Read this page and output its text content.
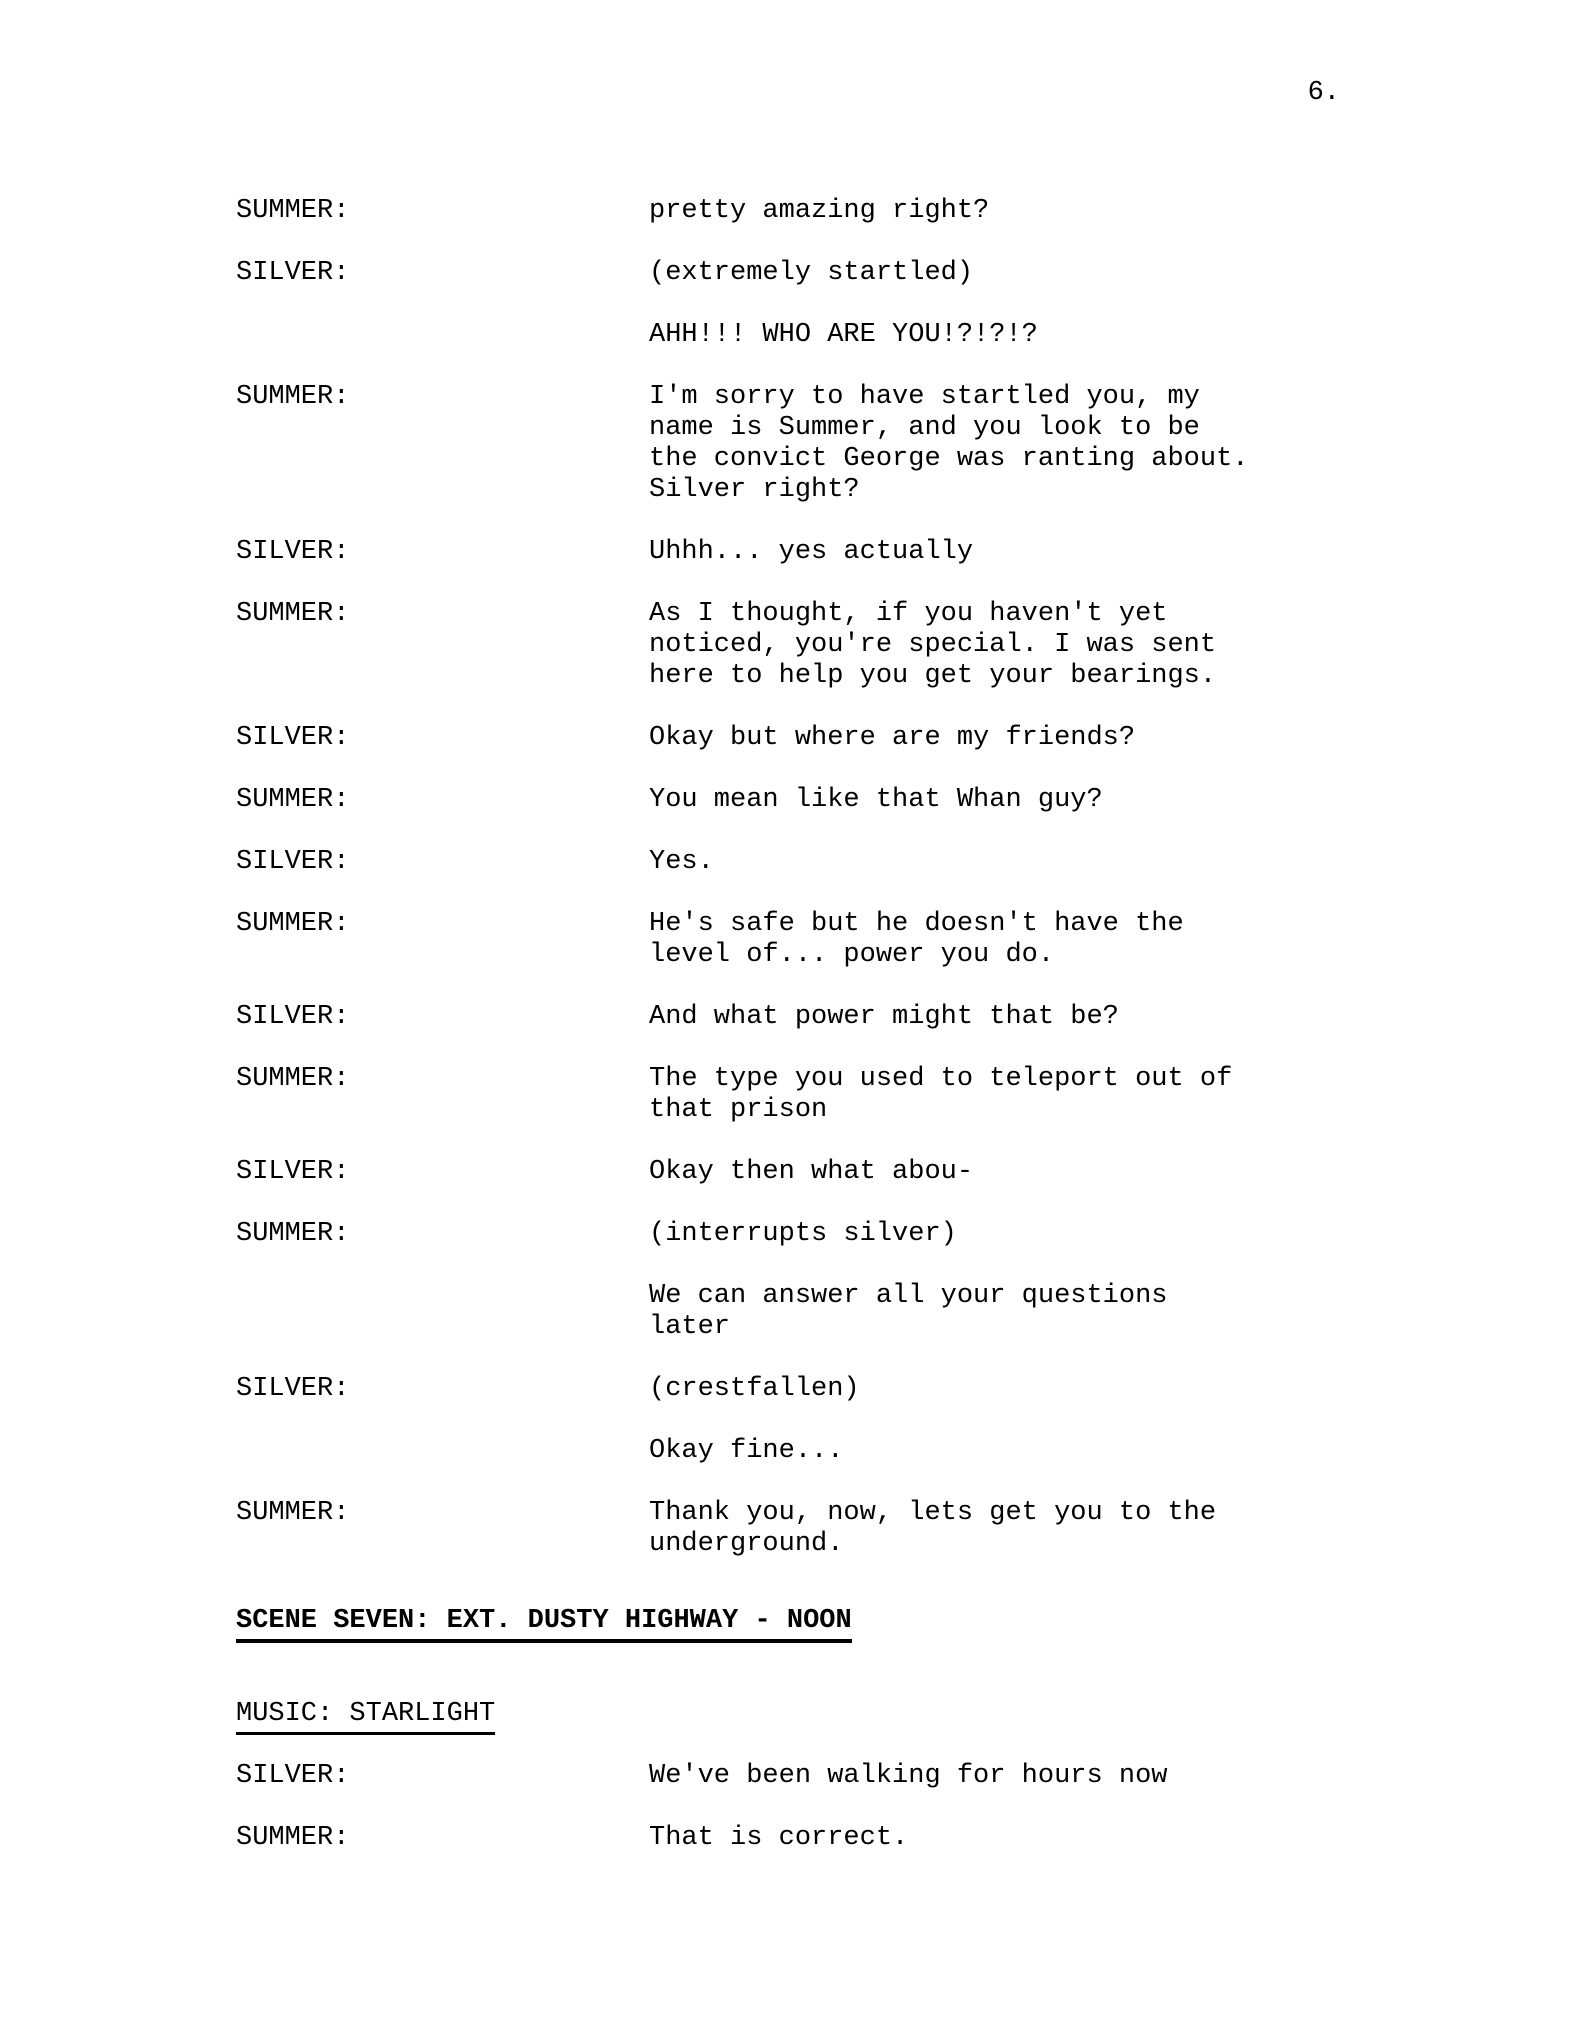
6.
SUMMER:	pretty amazing right?
SILVER:	(extremely startled)
AHH!!! WHO ARE YOU!?!?!?
SUMMER:	I'm sorry to have startled you, my
name is Summer, and you look to be
the convict George was ranting about.
Silver right?
SILVER:	Uhhh... yes actually
SUMMER:	As I thought, if you haven't yet
noticed, you're special. I was sent
here to help you get your bearings.
SILVER:	Okay but where are my friends?
SUMMER:	You mean like that Whan guy?
SILVER:	Yes.
SUMMER:	He's safe but he doesn't have the
level of... power you do.
SILVER:	And what power might that be?
SUMMER:	The type you used to teleport out of
that prison
SILVER:	Okay then what abou-
SUMMER:	(interrupts silver)
We can answer all your questions
later
SILVER:	(crestfallen)
Okay fine...
SUMMER:	Thank you, now, lets get you to the
underground.
SCENE SEVEN: EXT. DUSTY HIGHWAY - NOON
MUSIC: STARLIGHT
SILVER:	We've been walking for hours now
SUMMER:	That is correct.
